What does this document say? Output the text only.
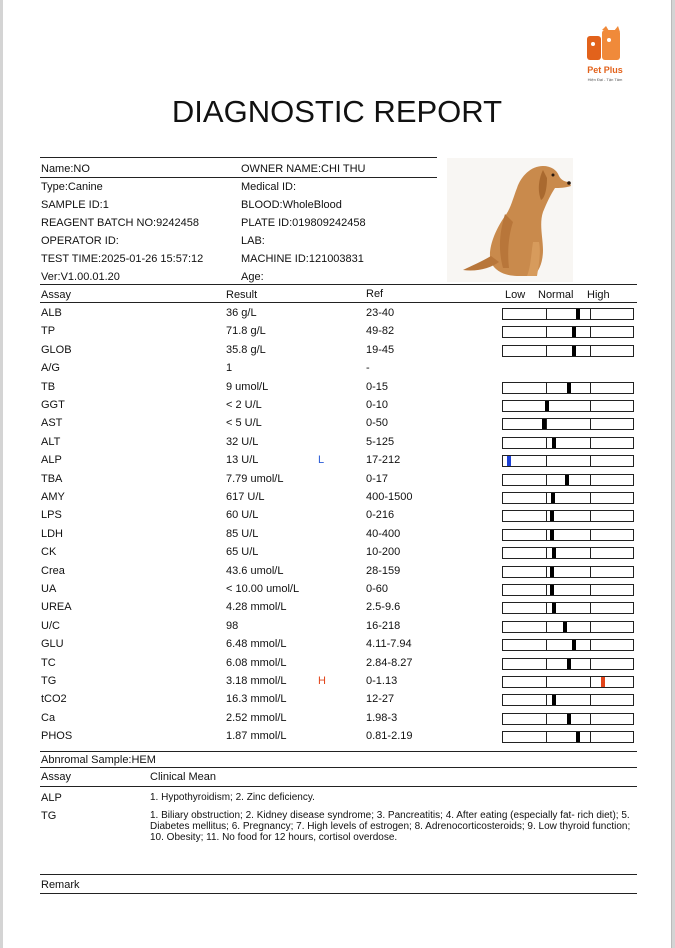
Pet Plus
Hiện Đại - Tận Tâm
DIAGNOSTIC REPORT
Name:NO	OWNER NAME:CHI THU
Type:Canine	Medical ID:
SAMPLE ID:1	BLOOD:WholeBlood
REAGENT BATCH NO:9242458	PLATE ID:019809242458
OPERATOR ID:	LAB:
TEST TIME:2025-01-26 15:57:12	MACHINE ID:121003831
Ver:V1.00.01.20	Age:
Assay	Result	Ref	Low Normal High
ALB	36 g/L	23-40
TP	71.8 g/L	49-82
GLOB	35.8 g/L	19-45
A/G	1	-
TB	9 umol/L	0-15
GGT	< 2 U/L	0-10
AST	< 5 U/L	0-50
ALT	32 U/L	5-125
ALP	13 U/L	L	17-212
TBA	7.79 umol/L	0-17
AMY	617 U/L	400-1500
LPS	60 U/L	0-216
LDH	85 U/L	40-400
CK	65 U/L	10-200
Crea	43.6 umol/L	28-159
UA	< 10.00 umol/L	0-60
UREA	4.28 mmol/L	2.5-9.6
U/C	98	16-218
GLU	6.48 mmol/L	4.11-7.94
TC	6.08 mmol/L	2.84-8.27
TG	3.18 mmol/L	H	0-1.13
tCO2	16.3 mmol/L	12-27
Ca	2.52 mmol/L	1.98-3
PHOS	1.87 mmol/L	0.81-2.19
Abnromal Sample:HEM
Assay	Clinical Mean
ALP	1. Hypothyroidism; 2. Zinc deficiency.
TG	1. Biliary obstruction; 2. Kidney disease syndrome; 3. Pancreatitis; 4. After eating (especially fat- rich diet); 5. Diabetes mellitus; 6. Pregnancy; 7. High levels of estrogen; 8. Adrenocorticosteroids; 9. Low thyroid function; 10. Obesity; 11. No food for 12 hours, cortisol overdose.
Remark
